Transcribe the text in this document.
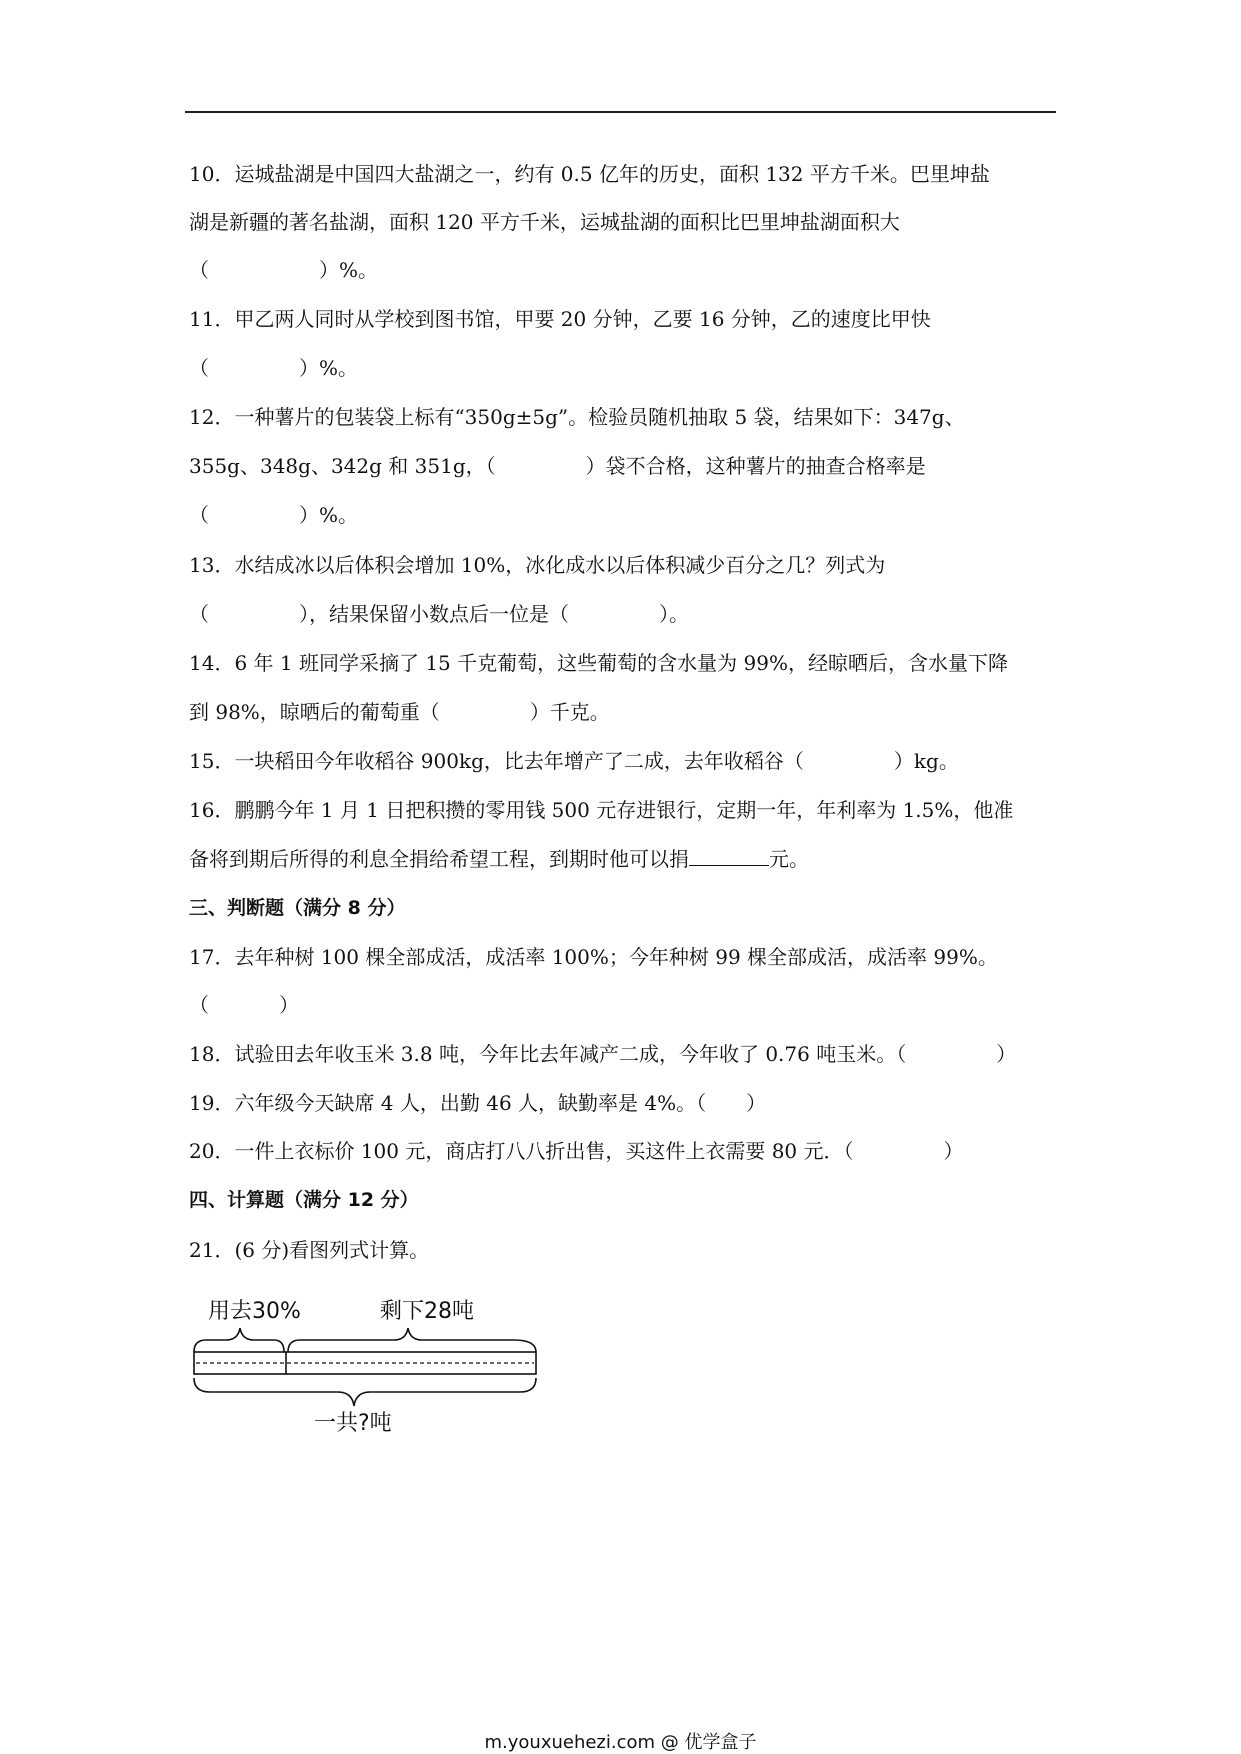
10．运城盐湖是中国四大盐湖之一，约有 0.5 亿年的历史，面积 132 平方千米。巴里坤盐
湖是新疆的著名盐湖，面积 120 平方千米，运城盐湖的面积比巴里坤盐湖面积大
（	）%。
11．甲乙两人同时从学校到图书馆，甲要 20 分钟，乙要 16 分钟，乙的速度比甲快
（	）%。
12．一种薯片的包装袋上标有“350g±5g”。检验员随机抽取 5 袋，结果如下：347g、
355g、348g、342g 和 351g，（	）袋不合格，这种薯片的抽查合格率是
（	）%。
13．水结成冰以后体积会增加 10%，冰化成水以后体积减少百分之几？列式为
（	），结果保留小数点后一位是（	）。
14．6 年 1 班同学采摘了 15 千克葡萄，这些葡萄的含水量为 99%，经晾晒后，含水量下降
到 98%，晾晒后的葡萄重（	）千克。
15．一块稻田今年收稻谷 900kg，比去年增产了二成，去年收稻谷（	）kg。
16．鹏鹏今年 1 月 1 日把积攒的零用钱 500 元存进银行，定期一年，年利率为 1.5%，他准
备将到期后所得的利息全捐给希望工程，到期时他可以捐	元。
三、判断题（满分 8 分）
17．去年种树 100 棵全部成活，成活率 100%；今年种树 99 棵全部成活，成活率 99%。
（	）
18．试验田去年收玉米 3.8 吨，今年比去年减产二成，今年收了 0.76 吨玉米。（	）
19．六年级今天缺席 4 人，出勤 46 人，缺勤率是 4%。（ ）
20．一件上衣标价 100 元，商店打八八折出售，买这件上衣需要 80 元．（	）
四、计算题（满分 12 分）
21．(6 分)看图列式计算。
用去30%	剩下28吨
一共?吨
m.youxuehezi.com @ 优学盒子
